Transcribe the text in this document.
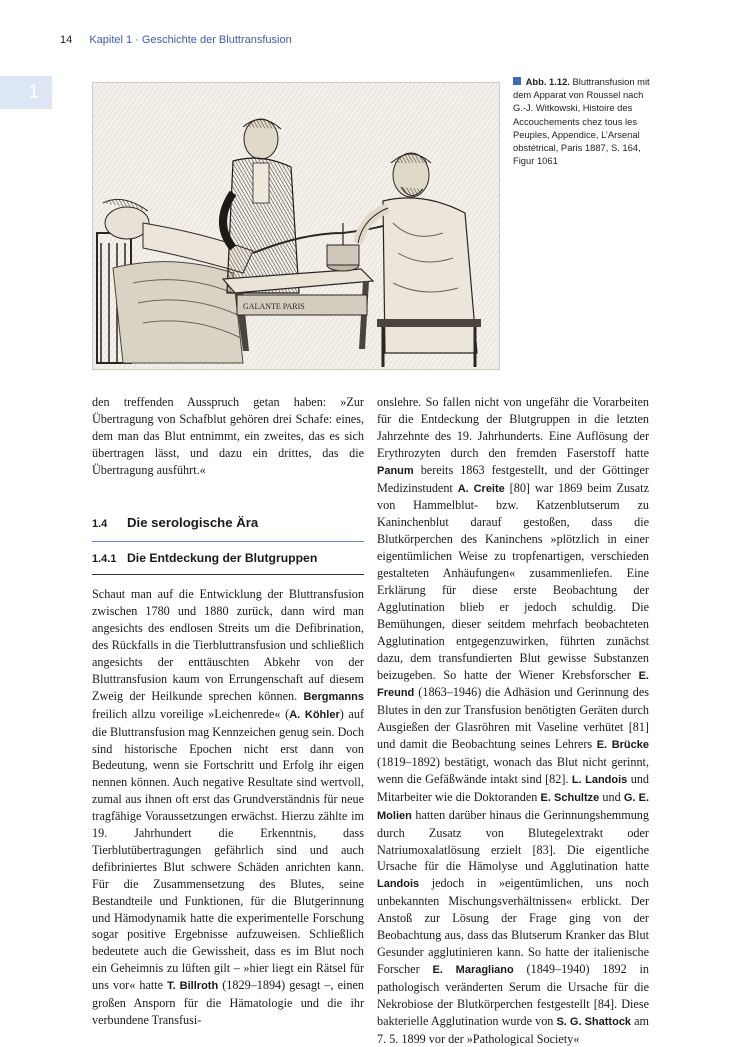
14 Kapitel 1 · Geschichte der Bluttransfusion
1
GALANTE PARIS
Abb. 1.12. Bluttransfusion mit dem Apparat von Roussel nach G.-J. Witkowski, Histoire des Accouchements chez tous les Peuples, Appendice, L’Arsenal obstétrical, Paris 1887, S. 164, Figur 1061

den treffenden Ausspruch getan haben: »Zur Übertragung von Schafblut gehören drei Schafe: eines, dem man das Blut entnimmt, ein zweites, das es sich übertragen lässt, und dazu ein drittes, das die Übertragung ausführt.«

1.4 Die serologische Ära

1.4.1 Die Entdeckung der Blutgruppen

Schaut man auf die Entwicklung der Bluttransfusion zwischen 1780 und 1880 zurück, dann wird man angesichts des endlosen Streits um die Defibrination, des Rückfalls in die Tierbluttransfusion und schließlich angesichts der enttäuschten Abkehr von der Bluttransfusion kaum von Errungenschaft auf diesem Zweig der Heilkunde sprechen können. Bergmanns freilich allzu voreilige »Leichenrede« (A. Köhler) auf die Bluttransfusion mag Kennzeichen genug sein. Doch sind historische Epochen nicht erst dann von Bedeutung, wenn sie Fortschritt und Erfolg ihr eigen nennen können. Auch negative Resultate sind wertvoll, zumal aus ihnen oft erst das Grundverständnis für neue tragfähige Voraussetzungen erwächst. Hierzu zählte im 19. Jahrhundert die Erkenntnis, dass Tierblutübertragungen gefährlich sind und auch defibriniertes Blut schwere Schäden anrichten kann. Für die Zusammensetzung des Blutes, seine Bestandteile und Funktionen, für die Blutgerinnung und Hämodynamik hatte die experimentelle Forschung sogar positive Ergebnisse aufzuweisen. Schließlich bedeutete auch die Gewissheit, dass es im Blut noch ein Geheimnis zu lüften gilt – »hier liegt ein Rätsel für uns vor« hatte T. Billroth (1829–1894) gesagt –, einen großen Ansporn für die Hämatologie und die ihr verbundene Transfusi-

onslehre. So fallen nicht von ungefähr die Vorarbeiten für die Entdeckung der Blutgruppen in die letzten Jahrzehnte des 19. Jahrhunderts. Eine Auflösung der Erythrozyten durch den fremden Faserstoff hatte Panum bereits 1863 festgestellt, und der Göttinger Medizinstudent A. Creite [80] war 1869 beim Zusatz von Hammelblut- bzw. Katzenblutserum zu Kaninchenblut darauf gestoßen, dass die Blutkörperchen des Kaninchens »plötzlich in einer eigentümlichen Weise zu tropfenartigen, verschieden gestalteten Anhäufungen« zusammenliefen. Eine Erklärung für diese erste Beobachtung der Agglutination blieb er jedoch schuldig. Die Bemühungen, dieser seitdem mehrfach beobachteten Agglutination entgegenzuwirken, führten zunächst dazu, dem transfundierten Blut gewisse Substanzen beizugeben. So hatte der Wiener Krebsforscher E. Freund (1863–1946) die Adhäsion und Gerinnung des Blutes in den zur Transfusion benötigten Geräten durch Ausgießen der Glasröhren mit Vaseline verhütet [81] und damit die Beobachtung seines Lehrers E. Brücke (1819–1892) bestätigt, wonach das Blut nicht gerinnt, wenn die Gefäßwände intakt sind [82]. L. Landois und Mitarbeiter wie die Doktoranden E. Schultze und G. E. Molien hatten darüber hinaus die Gerinnungshemmung durch Zusatz von Blutegelextrakt oder Natriumoxalatlösung erzielt [83]. Die eigentliche Ursache für die Hämolyse und Agglutination hatte Landois jedoch in »eigentümlichen, uns noch unbekannten Mischungsverhältnissen« erblickt. Der Anstoß zur Lösung der Frage ging von der Beobachtung aus, dass das Blutserum Kranker das Blut Gesunder agglutinieren kann. So hatte der italienische Forscher E. Maragliano (1849–1940) 1892 in pathologisch veränderten Serum die Ursache für die Nekrobiose der Blutkörperchen festgestellt [84]. Diese bakterielle Agglutination wurde von S. G. Shattock am 7. 5. 1899 vor der »Pathological Society«
